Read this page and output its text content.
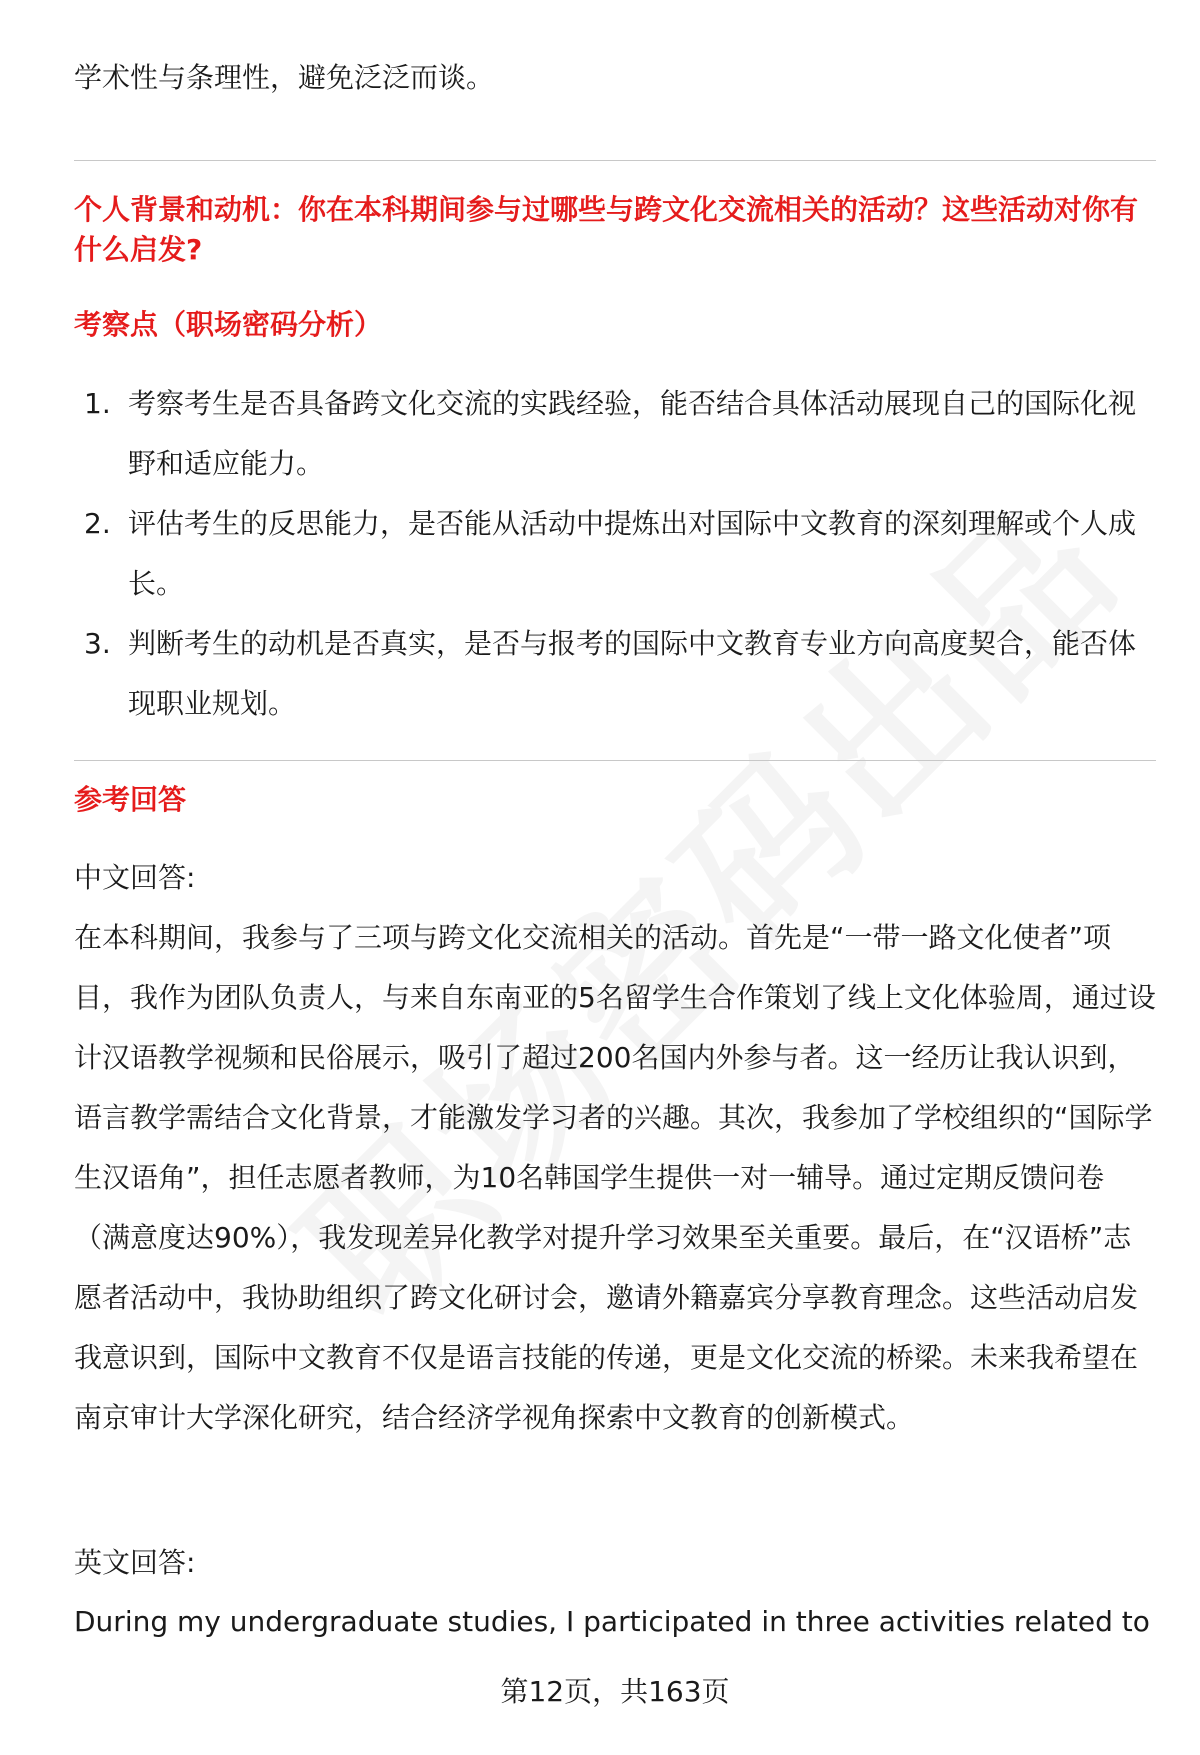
学术性与条理性，避免泛泛而谈。
个人背景和动机：你在本科期间参与过哪些与跨文化交流相关的活动？这些活动对你有什么启发?
考察点（职场密码分析）
1. 考察考生是否具备跨文化交流的实践经验，能否结合具体活动展现自己的国际化视野和适应能力。
2. 评估考生的反思能力，是否能从活动中提炼出对国际中文教育的深刻理解或个人成长。
3. 判断考生的动机是否真实，是否与报考的国际中文教育专业方向高度契合，能否体现职业规划。
参考回答
中文回答:

在本科期间，我参与了三项与跨文化交流相关的活动。首先是“一带一路文化使者”项目，我作为团队负责人，与来自东南亚的5名留学生合作策划了线上文化体验周，通过设计汉语教学视频和民俗展示，吸引了超过200名国内外参与者。这一经历让我认识到，语言教学需结合文化背景，才能激发学习者的兴趣。其次，我参加了学校组织的“国际学生汉语角”，担任志愿者教师，为10名韩国学生提供一对一辅导。通过定期反馈问卷（满意度达90%），我发现差异化教学对提升学习效果至关重要。最后，在“汉语桥”志愿者活动中，我协助组织了跨文化研讨会，邀请外籍嘉宾分享教育理念。这些活动启发我意识到，国际中文教育不仅是语言技能的传递，更是文化交流的桥梁。未来我希望在南京审计大学深化研究，结合经济学视角探索中文教育的创新模式。

英文回答:

During my undergraduate studies, I participated in three activities related to

第12页，共163页
